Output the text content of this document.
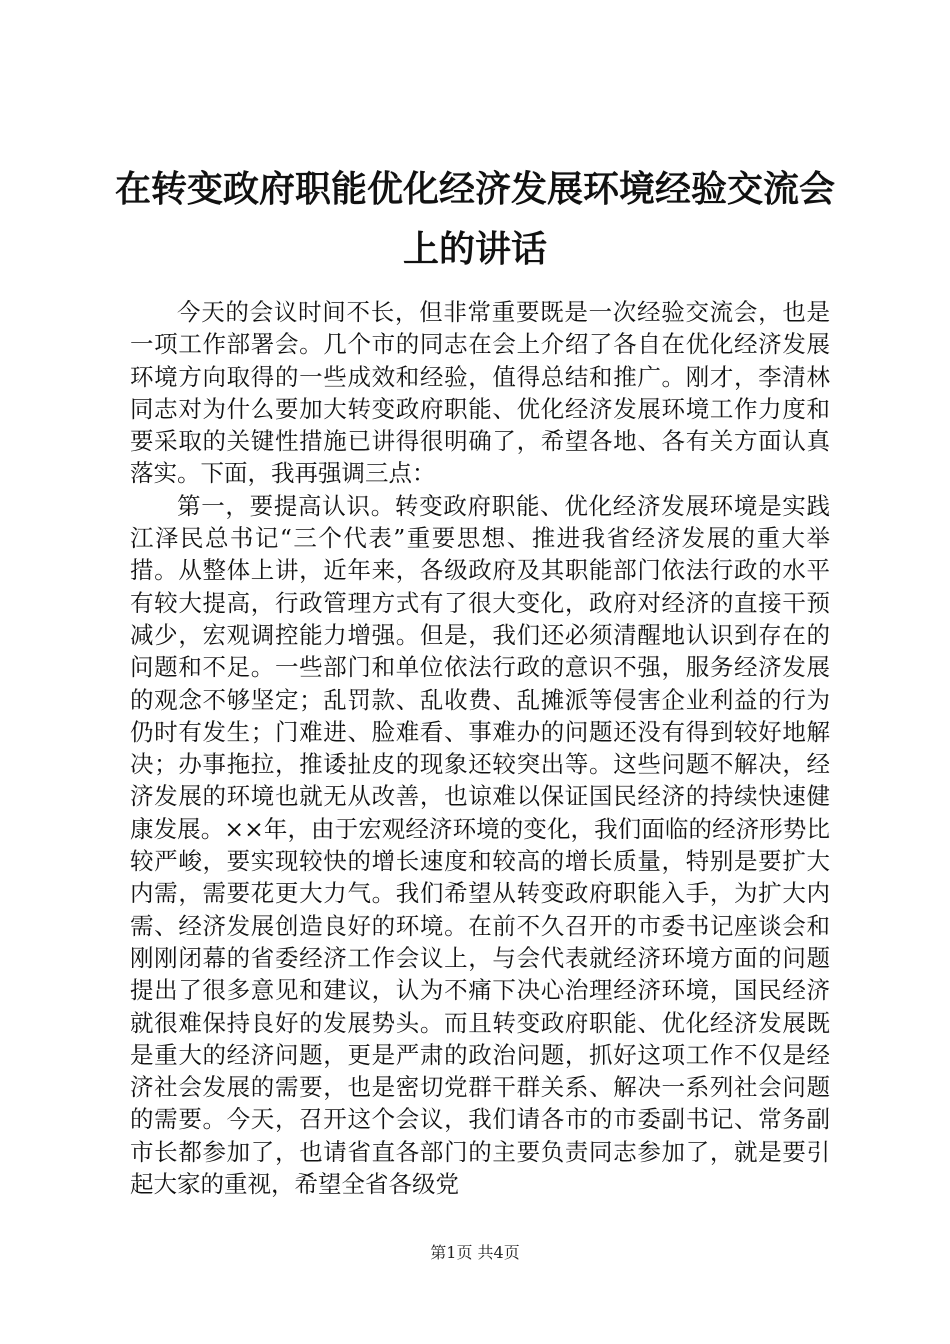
在转变政府职能优化经济发展环境经验交流会上的讲话

今天的会议时间不长，但非常重要既是一次经验交流会，也是一项工作部署会。几个市的同志在会上介绍了各自在优化经济发展环境方向取得的一些成效和经验，值得总结和推广。刚才，李清林同志对为什么要加大转变政府职能、优化经济发展环境工作力度和要采取的关键性措施已讲得很明确了，希望各地、各有关方面认真落实。下面，我再强调三点：

第一，要提高认识。转变政府职能、优化经济发展环境是实践江泽民总书记“三个代表”重要思想、推进我省经济发展的重大举措。从整体上讲，近年来，各级政府及其职能部门依法行政的水平有较大提高，行政管理方式有了很大变化，政府对经济的直接干预减少，宏观调控能力增强。但是，我们还必须清醒地认识到存在的问题和不足。一些部门和单位依法行政的意识不强，服务经济发展的观念不够坚定；乱罚款、乱收费、乱摊派等侵害企业利益的行为仍时有发生；门难进、脸难看、事难办的问题还没有得到较好地解决；办事拖拉，推诿扯皮的现象还较突出等。这些问题不解决，经济发展的环境也就无从改善，也谅难以保证国民经济的持续快速健康发展。××年，由于宏观经济环境的变化，我们面临的经济形势比较严峻，要实现较快的增长速度和较高的增长质量，特别是要扩大内需，需要花更大力气。我们希望从转变政府职能入手，为扩大内需、经济发展创造良好的环境。在前不久召开的市委书记座谈会和刚刚闭幕的省委经济工作会议上，与会代表就经济环境方面的问题提出了很多意见和建议，认为不痛下决心治理经济环境，国民经济就很难保持良好的发展势头。而且转变政府职能、优化经济发展既是重大的经济问题，更是严肃的政治问题，抓好这项工作不仅是经济社会发展的需要，也是密切党群干群关系、解决一系列社会问题的需要。今天，召开这个会议，我们请各市的市委副书记、常务副市长都参加了，也请省直各部门的主要负责同志参加了，就是要引起大家的重视，希望全省各级党

第1页 共4页
